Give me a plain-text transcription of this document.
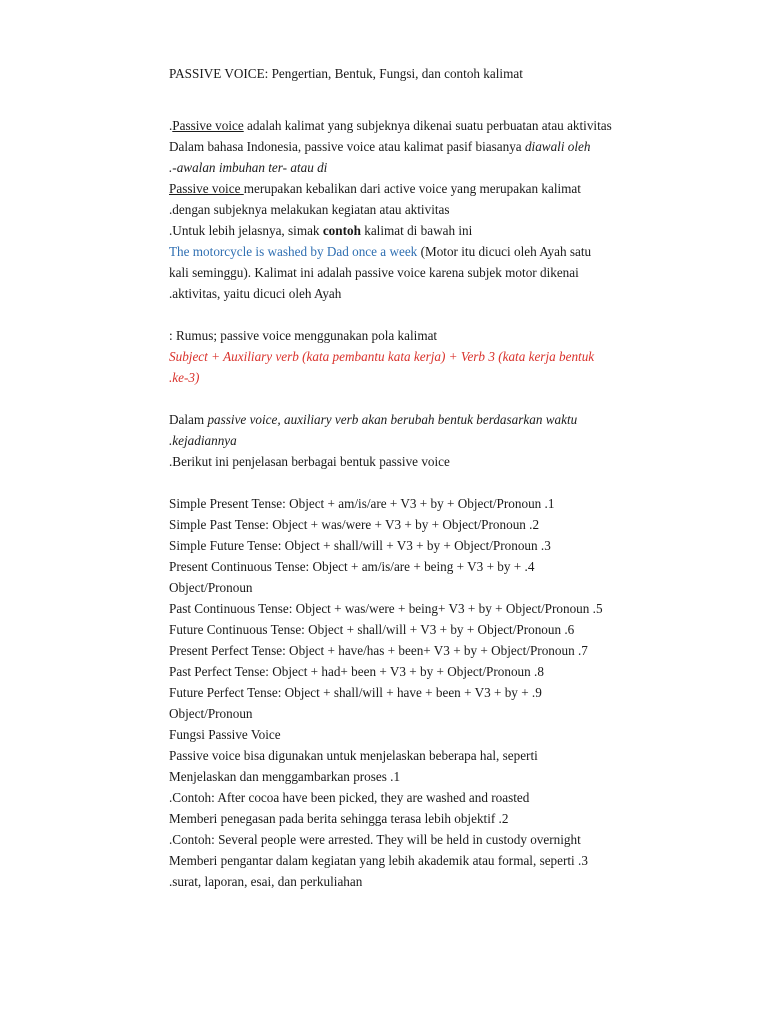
PASSIVE VOICE: Pengertian, Bentuk, Fungsi, dan contoh kalimat
.Passive voice adalah kalimat yang subjeknya dikenai suatu perbuatan atau aktivitas
Dalam bahasa Indonesia, passive voice atau kalimat pasif biasanya diawali oleh
.-awalan imbuhan ter- atau di
Passive voice merupakan kebalikan dari active voice yang merupakan kalimat
.dengan subjeknya melakukan kegiatan atau aktivitas
.Untuk lebih jelasnya, simak contoh kalimat di bawah ini
The motorcycle is washed by Dad once a week (Motor itu dicuci oleh Ayah satu
kali seminggu). Kalimat ini adalah passive voice karena subjek motor dikenai
.aktivitas, yaitu dicuci oleh Ayah
: Rumus; passive voice menggunakan pola kalimat
Subject + Auxiliary verb (kata pembantu kata kerja) + Verb 3 (kata kerja bentuk
.ke-3)
Dalam passive voice, auxiliary verb akan berubah bentuk berdasarkan waktu
.kejadiannya
.Berikut ini penjelasan berbagai bentuk passive voice
Simple Present Tense: Object + am/is/are + V3 + by + Object/Pronoun .1
Simple Past Tense: Object + was/were + V3 + by + Object/Pronoun .2
Simple Future Tense: Object + shall/will + V3 + by + Object/Pronoun .3
Present Continuous Tense: Object + am/is/are + being + V3 + by + .4
Object/Pronoun
Past Continuous Tense: Object + was/were + being+ V3 + by + Object/Pronoun .5
Future Continuous Tense: Object + shall/will + V3 + by + Object/Pronoun .6
Present Perfect Tense: Object + have/has + been+ V3 + by + Object/Pronoun .7
Past Perfect Tense: Object + had+ been + V3 + by + Object/Pronoun .8
Future Perfect Tense: Object + shall/will + have + been + V3 + by + .9
Object/Pronoun
Fungsi Passive Voice
Passive voice bisa digunakan untuk menjelaskan beberapa hal, seperti
Menjelaskan dan menggambarkan proses .1
.Contoh: After cocoa have been picked, they are washed and roasted
Memberi penegasan pada berita sehingga terasa lebih objektif .2
.Contoh: Several people were arrested. They will be held in custody overnight
Memberi pengantar dalam kegiatan yang lebih akademik atau formal, seperti .3
.surat, laporan, esai, dan perkuliahan
